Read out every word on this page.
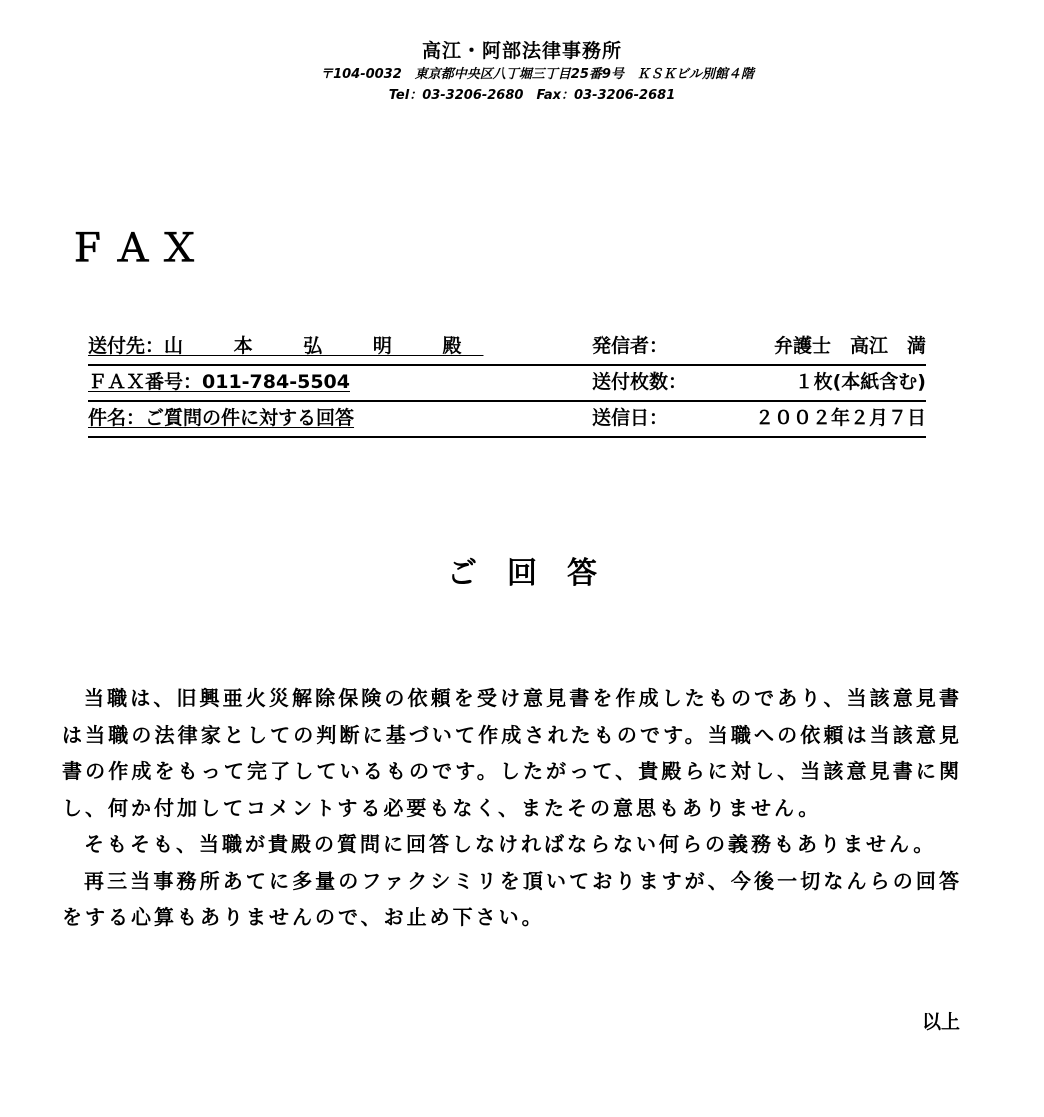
高江・阿部法律事務所
〒104-0032　東京都中央区八丁堀三丁目25番9号　ＫＳＫビル別館４階
Tel：03-3206-2680　Fax：03-3206-2681
ＦＡＸ
送付先：山 本 弘 明 殿	発信者：	弁護士　高江　満
ＦＡＸ番号：011-784-5504	送付枚数：	１枚(本紙含む)
件名：ご質問の件に対する回答	送信日：	２００２年２月７日
ご回答

当職は、旧興亜火災解除保険の依頼を受け意見書を作成したものであり、当該意見書は当職の法律家としての判断に基づいて作成されたものです。当職への依頼は当該意見書の作成をもって完了しているものです。したがって、貴殿らに対し、当該意見書に関し、何か付加してコメントする必要もなく、またその意思もありません。

そもそも、当職が貴殿の質問に回答しなければならない何らの義務もありません。

再三当事務所あてに多量のファクシミリを頂いておりますが、今後一切なんらの回答をする心算もありませんので、お止め下さい。

以上
